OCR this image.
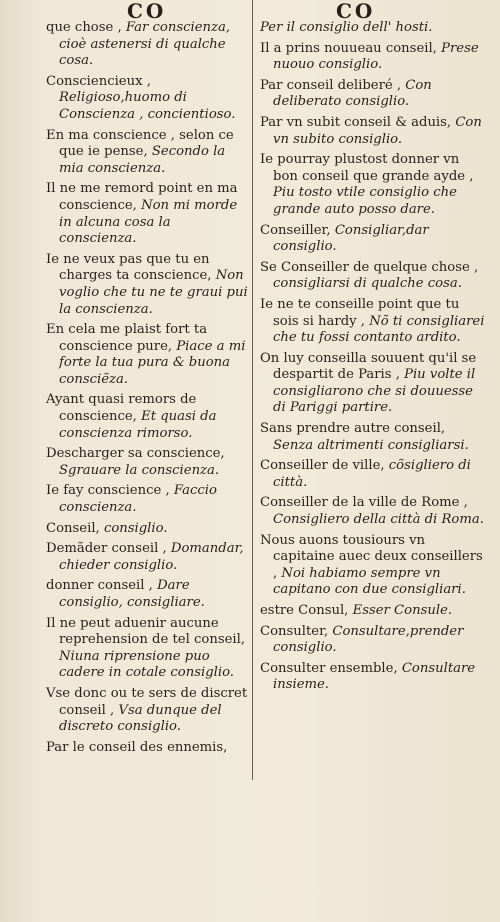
CO	CO

que chose , Far conscienza, cioè astenersi di qualche cosa.

Consciencieux , Religioso,huomo di Conscienza , concientioso.

En ma conscience , selon ce que ie pense, Secondo la mia conscienza.

Il ne me remord point en ma conscience, Non mi morde in alcuna cosa la conscienza.

Ie ne veux pas que tu en charges ta conscience, Non voglio che tu ne te graui pui la conscienza.

En cela me plaist fort ta conscience pure, Piace a mi forte la tua pura & buona consciẽza.

Ayant quasi remors de conscience, Et quasi da conscienza rimorso.

Descharger sa conscience, Sgrauare la conscienza.

Ie fay conscience , Faccio conscienza.

Conseil, consiglio.

Demãder conseil , Domandar, chieder consiglio.

donner conseil , Dare consiglio, consigliare.

Il ne peut aduenir aucune reprehension de tel conseil, Niuna riprensione puo cadere in cotale consiglio.

Vse donc ou te sers de discret conseil , Vsa dunque del discreto consiglio.

Par le conseil des ennemis,

Per il consiglio dell' hosti.

Il a prins nouueau conseil, Prese nuouo consiglio.

Par conseil deliberé , Con deliberato consiglio.

Par vn subit conseil & aduis, Con vn subito consiglio.

Ie pourray plustost donner vn bon conseil que grande ayde , Piu tosto vtile consiglio che grande auto posso dare.

Conseiller, Consigliar,dar consiglio.

Se Conseiller de quelque chose , consigliarsi di qualche cosa.

Ie ne te conseille point que tu sois si hardy , Nõ ti consigliarei che tu fossi contanto ardito.

On luy conseilla souuent qu'il se despartit de Paris , Piu volte il consigliarono che si douuesse di Pariggi partire.

Sans prendre autre conseil, Senza altrimenti consigliarsi.

Conseiller de ville, cõsigliero di città.

Conseiller de la ville de Rome , Consigliero della città di Roma.

Nous auons tousiours vn capitaine auec deux conseillers , Noi habiamo sempre vn capitano con due consigliari.

estre Consul, Esser Consule.

Consulter, Consultare,prender consiglio.

Consulter ensemble, Consultare insieme.
